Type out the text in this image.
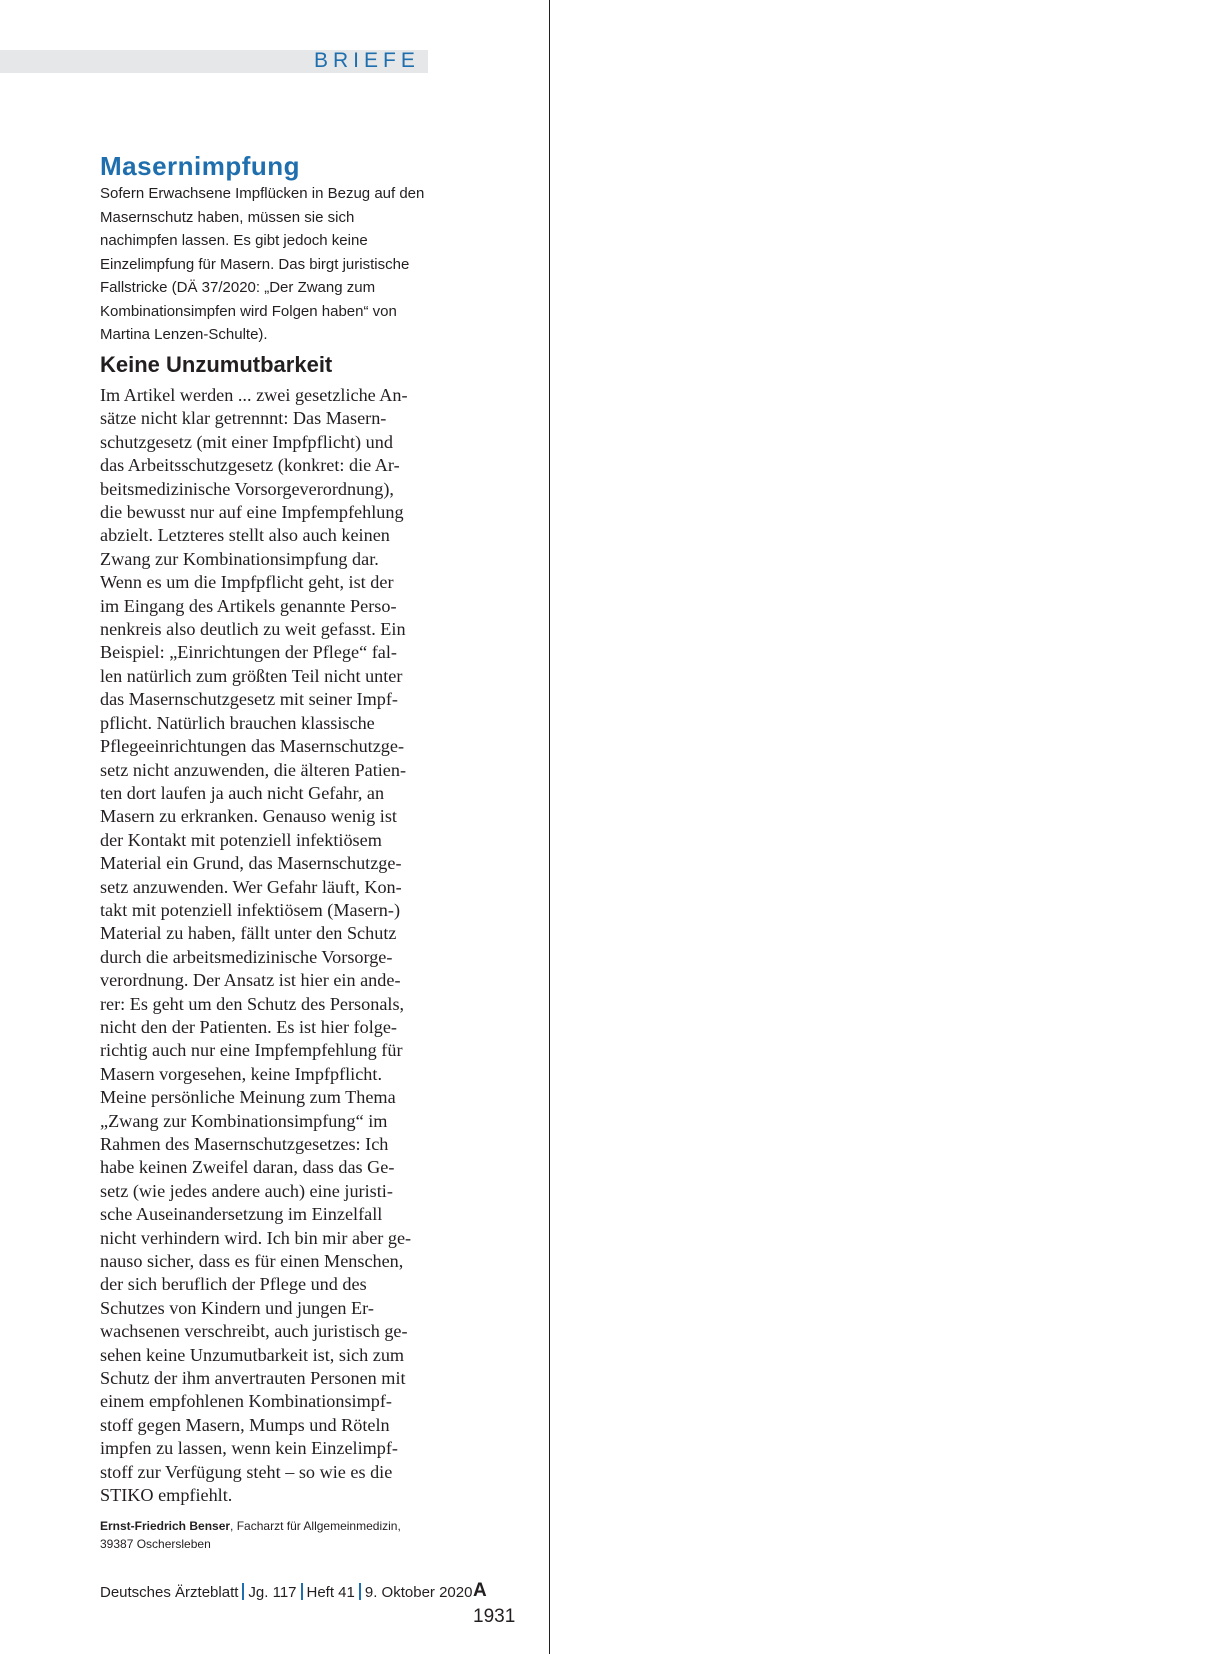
BRIEFE
Masernimpfung

Sofern Erwachsene Impflücken in Bezug auf den Masernschutz haben, müssen sie sich nachimpfen lassen. Es gibt jedoch keine Einzelimpfung für Masern. Das birgt juristische Fallstricke (DÄ 37/2020: „Der Zwang zum Kombinationsimpfen wird Folgen haben“ von Martina Lenzen-Schulte).

Keine Unzumutbarkeit
Im Artikel werden ... zwei gesetzliche An-
sätze nicht klar getrennnt: Das Masern-
schutzgesetz (mit einer Impfpflicht) und
das Arbeitsschutzgesetz (konkret: die Ar-
beitsmedizinische Vorsorgeverordnung),
die bewusst nur auf eine Impfempfehlung
abzielt. Letzteres stellt also auch keinen
Zwang zur Kombinationsimpfung dar.
Wenn es um die Impfpflicht geht, ist der
im Eingang des Artikels genannte Perso-
nenkreis also deutlich zu weit gefasst. Ein
Beispiel: „Einrichtungen der Pflege“ fal-
len natürlich zum größten Teil nicht unter
das Masernschutzgesetz mit seiner Impf-
pflicht. Natürlich brauchen klassische
Pflegeeinrichtungen das Masernschutzge-
setz nicht anzuwenden, die älteren Patien-
ten dort laufen ja auch nicht Gefahr, an
Masern zu erkranken. Genauso wenig ist
der Kontakt mit potenziell infektiösem
Material ein Grund, das Masernschutzge-
setz anzuwenden. Wer Gefahr läuft, Kon-
takt mit potenziell infektiösem (Masern-)
Material zu haben, fällt unter den Schutz
durch die arbeitsmedizinische Vorsorge-
verordnung. Der Ansatz ist hier ein ande-
rer: Es geht um den Schutz des Personals,
nicht den der Patienten. Es ist hier folge-
richtig auch nur eine Impfempfehlung für
Masern vorgesehen, keine Impfpflicht.
Meine persönliche Meinung zum Thema
„Zwang zur Kombinationsimpfung“ im
Rahmen des Masernschutzgesetzes: Ich
habe keinen Zweifel daran, dass das Ge-
setz (wie jedes andere auch) eine juristi-
sche Auseinandersetzung im Einzelfall
nicht verhindern wird. Ich bin mir aber ge-
nauso sicher, dass es für einen Menschen,
der sich beruflich der Pflege und des
Schutzes von Kindern und jungen Er-
wachsenen verschreibt, auch juristisch ge-
sehen keine Unzumutbarkeit ist, sich zum
Schutz der ihm anvertrauten Personen mit
einem empfohlenen Kombinationsimpf-
stoff gegen Masern, Mumps und Röteln
impfen zu lassen, wenn kein Einzelimpf-
stoff zur Verfügung steht – so wie es die
STIKO empfiehlt.

Ernst-Friedrich Benser, Facharzt für Allgemeinmedizin,
39387 Oschersleben

Deutsches Ärzteblatt Jg. 117 Heft 41 9. Oktober 2020 A 1931
